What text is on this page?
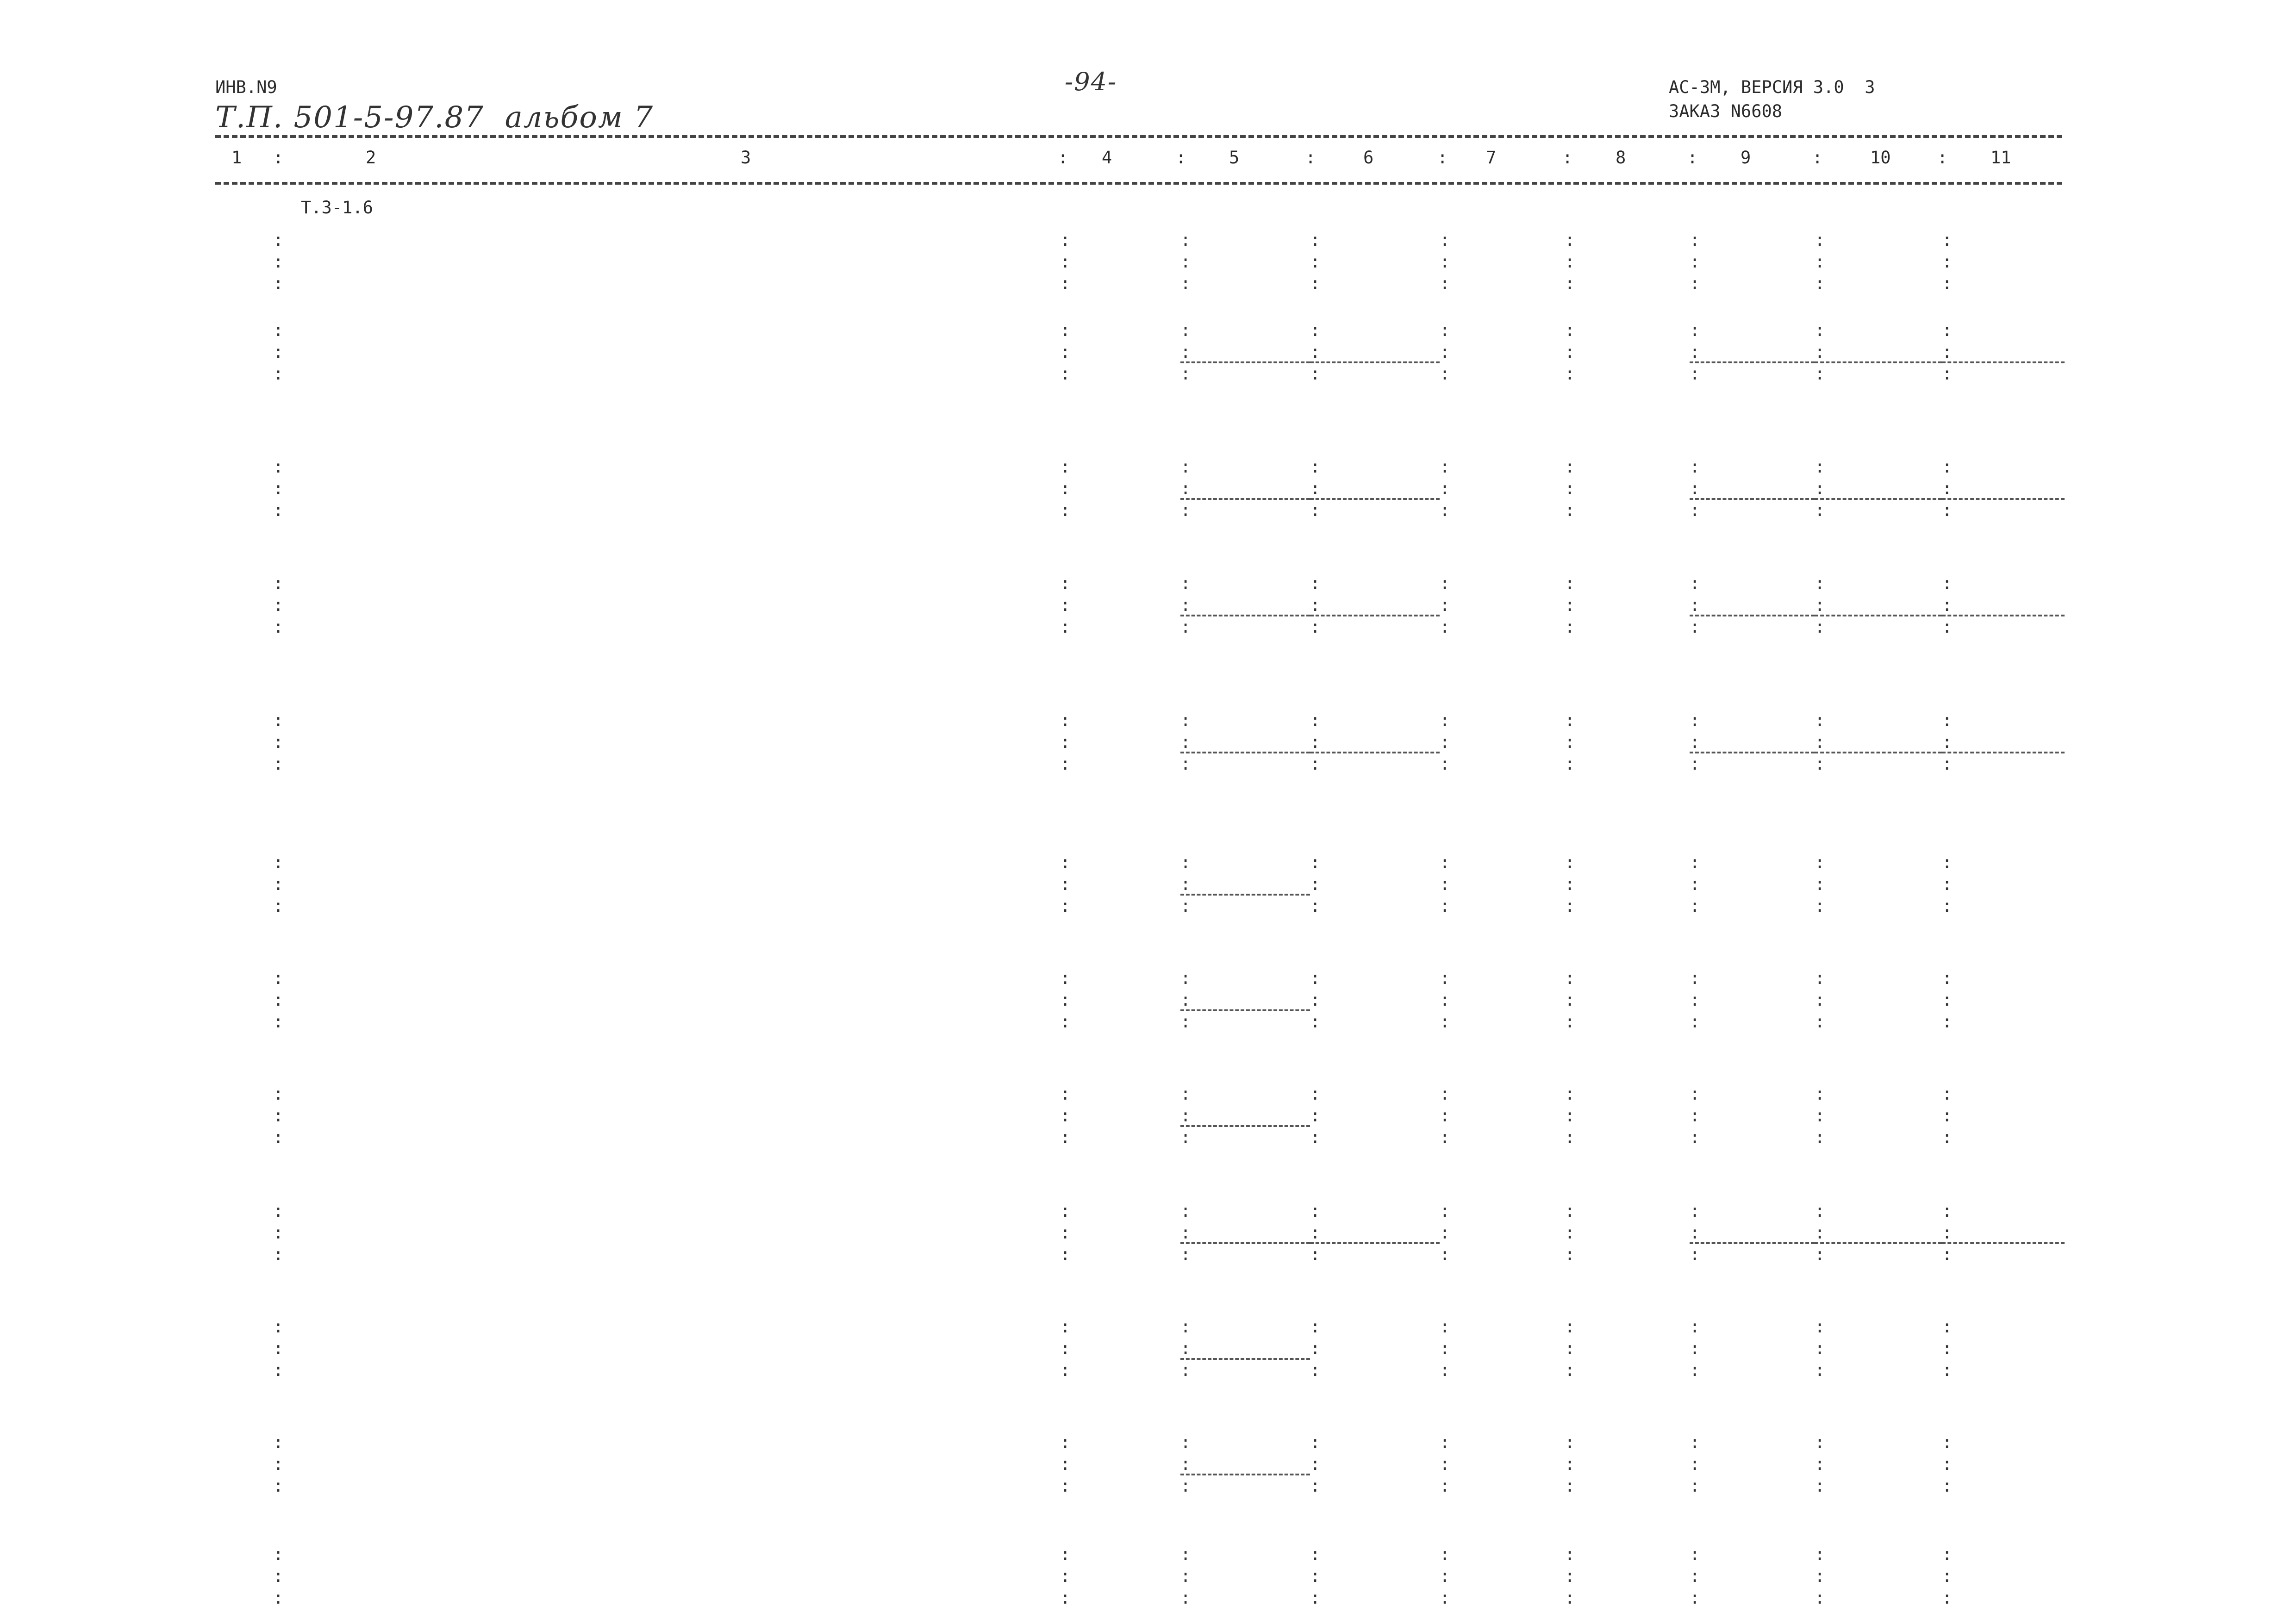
ИНВ.N9
Т.П. 501-5-97.87  альбом 7
-94-	АС-3М, ВЕРСИЯ 3.0  3
ЗАКАЗ N6608
1	2	3	4	5	6	7	8	9	10	11
:	:	:	:	:	:	:	:	:
Т.3-1.6
:
:
:
:
:
:
:
:
:
:
:
:
:
:
:
:
:
:
:
:
:
:
:
:
:
:
:
:
:
:
:
:
:
:
:
:
:
:
:
:
:
:
:
:
:
:
:
:
:
:
:
:
:
:
:
:
:
:
:
:
:
:
:
:
:
:
:
:
:
:
:
:
:
:
:
:
:
:
:
:
:
:
:
:
:
:
:
:
:
:
:
:
:
:
:
:
:
:
:
:
:
:
:
:
:
:
:
:
:
:
:
:
:
:
:
:
:
:
:
:
:
:
:
:
:
:
:
:
:
:
:
:
:
:
:
:
:
:
:
:
:
:
:
:
:
:
:
:
:
:
:
:
:
:
:
:
:
:
:
:
:
:
:
:
:
:
:
:
:
:
:
:
:
:
:
:
:
:
:
:
:
:
:
:
:
:
:
:
:
:
:
:
:
:
:
:
:
:
:
:
:
:
:
:
:
:
:
:
:
:
:
:
:
:
:
:
:
:
:
:
:
:
:
:
:
:
:
:
:
:
:
:
:
:
:
:
:
:
:
:
:
:
:
:
:
:
:
:
:
:
:
:
:
:
:
:
:
:
:
:
:
:
:
:
:
:
:
:
:
:
:
:
:
:
:
:
:
:
:
:
:
:
:
:
:
:
:
:
:
:
:
:
:
:
:
:
:
:
:
:
:
:
:
:
:
:
:
:
:
:
:
:
:
:
:
:
:
:
:
:
:
:
:
:
